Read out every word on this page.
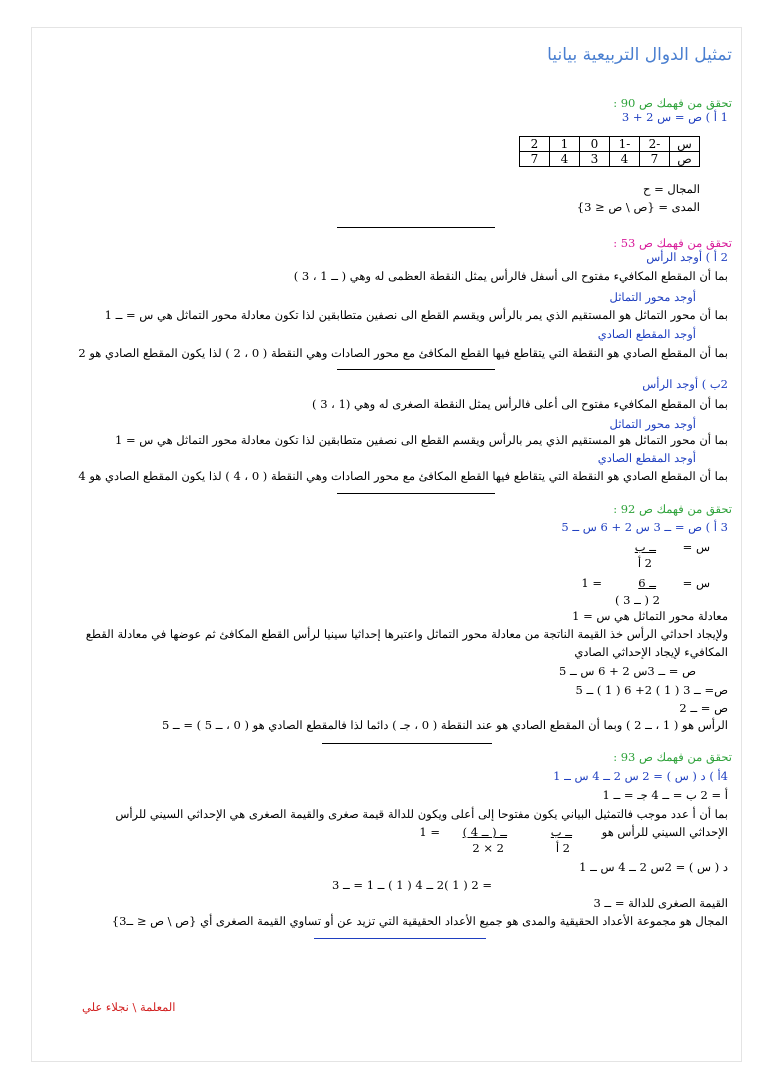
تمثيل الدوال التربيعية بيانيا
تحقق من فهمك ص 90 :
1 أ ) ص = س 2 + 3
س	-2	-1	0	1	2
ص	7	4	3	4	7
المجال = ح
المدى = {ص \ ص ≤ 3}
تحقق من فهمك ص 53 :
2 أ ) أوجد الرأس
بما أن المقطع المكافيء مفتوح الى أسفل فالرأس يمثل النقطة العظمى له وهي ( ــ 1 ، 3 )
أوجد محور التماثل
بما أن محور التماثل هو المستقيم الذي يمر بالرأس ويقسم القطع الى نصفين متطابقين لذا تكون معادلة محور التماثل هي س = ــ 1
أوجد المقطع الصادي
بما أن المقطع الصادي هو النقطة التي يتقاطع فيها القطع المكافئ مع محور الصادات وهي النقطة ( 0 ، 2 ) لذا يكون المقطع الصادي هو 2
2ب ) أوجد الرأس
بما أن المقطع المكافيء مفتوح الى أعلى فالرأس يمثل النقطة الصغرى له وهي (1 ، 3 )
أوجد محور التماثل
بما أن محور التماثل هو المستقيم الذي يمر بالرأس ويقسم القطع الى نصفين متطابقين لذا تكون معادلة محور التماثل هي س = 1
أوجد المقطع الصادي
بما أن المقطع الصادي هو النقطة التي يتقاطع فيها القطع المكافئ مع محور الصادات وهي النقطة ( 0 ، 4 ) لذا يكون المقطع الصادي هو 4
تحقق من فهمك ص 92 :
3 أ ) ص = ــ 3 س 2 + 6 س ــ 5
س =
ــ ب
2 أ
س =
ــ 6
2 ( ــ 3 )
= 1
معادلة محور التماثل هي س = 1
ولإيجاد احداثي الرأس خذ القيمة الناتجة من معادلة محور التماثل واعتبرها إحداثيا سينيا لرأس القطع المكافئ ثم عوضها في معادلة القطع
المكافيء لإيجاد الإحداثي الصادي
ص = ــ 3س 2 + 6 س ــ 5
ص= ــ 3 ( 1 ) 2+ 6 ( 1 ) ــ 5
ص = ــ 2
الرأس هو ( 1 ، ــ 2 ) وبما أن المقطع الصادي هو عند النقطة ( 0 ، جـ ) دائما لذا فالمقطع الصادي هو ( 0 ، ــ 5 ) = ــ 5
تحقق من فهمك ص 93 :
4أ ) د ( س ) = 2 س 2 ــ 4 س ــ 1
أ = 2 ب = ــ 4 جـ = ــ 1
بما أن أ عدد موجب فالتمثيل البياني يكون مفتوحا إلى أعلى ويكون للدالة قيمة صغرى والقيمة الصغرى هي الإحداثي السيني للرأس
الإحداثي السيني للرأس هو
ــ ب
2 أ
ــ ( ــ 4 )
2 × 2
= 1
د ( س ) = 2س 2 ــ 4 س ــ 1
= 2 ( 1 )2 ــ 4 ( 1 ) ــ 1 = ــ 3
القيمة الصغرى للدالة = ــ 3
المجال هو مجموعة الأعداد الحقيقية والمدى هو جميع الأعداد الحقيقية التي تزيد عن أو تساوي القيمة الصغرى أي {ص \ ص ≤ ــ3}
المعلمة \ نجلاء علي
